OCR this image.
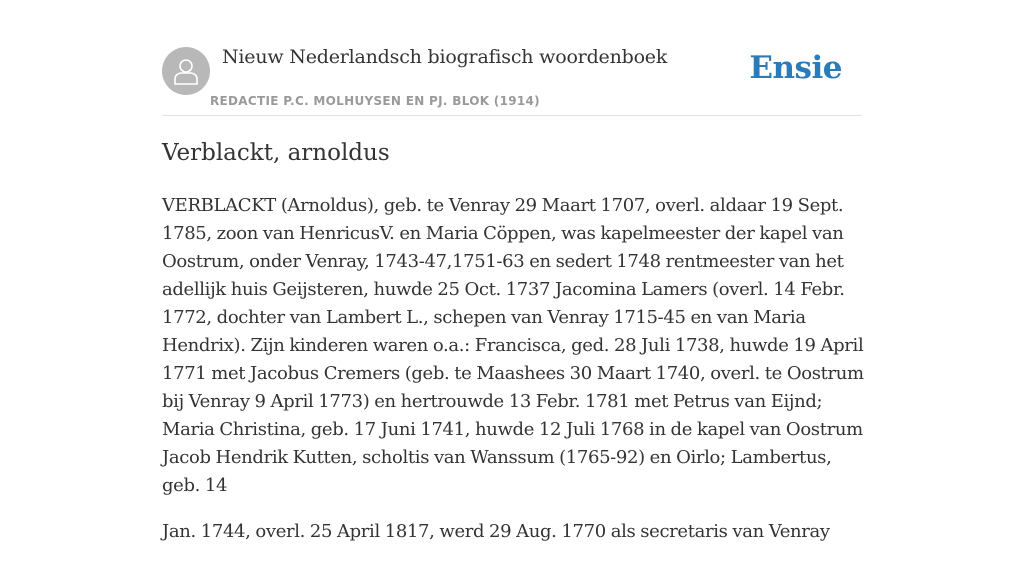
Nieuw Nederlandsch biografisch woordenboek
REDACTIE P.C. MOLHUYSEN EN PJ. BLOK (1914)
Ensie
Verblackt, arnoldus

VERBLACKT (Arnoldus), geb. te Venray 29 Maart 1707, overl. aldaar 19 Sept. 1785, zoon van HenricusV. en Maria Cöppen, was kapelmeester der kapel van Oostrum, onder Venray, 1743-47,1751-63 en sedert 1748 rentmeester van het adellijk huis Geijsteren, huwde 25 Oct. 1737 Jacomina Lamers (overl. 14 Febr. 1772, dochter van Lambert L., schepen van Venray 1715-45 en van Maria Hendrix). Zijn kinderen waren o.a.: Francisca, ged. 28 Juli 1738, huwde 19 April 1771 met Jacobus Cremers (geb. te Maashees 30 Maart 1740, overl. te Oostrum bij Venray 9 April 1773) en hertrouwde 13 Febr. 1781 met Petrus van Eijnd; Maria Christina, geb. 17 Juni 1741, huwde 12 Juli 1768 in de kapel van Oostrum Jacob Hendrik Kutten, scholtis van Wanssum (1765-92) en Oirlo; Lambertus, geb. 14

Jan. 1744, overl. 25 April 1817, werd 29 Aug. 1770 als secretaris van Venray
